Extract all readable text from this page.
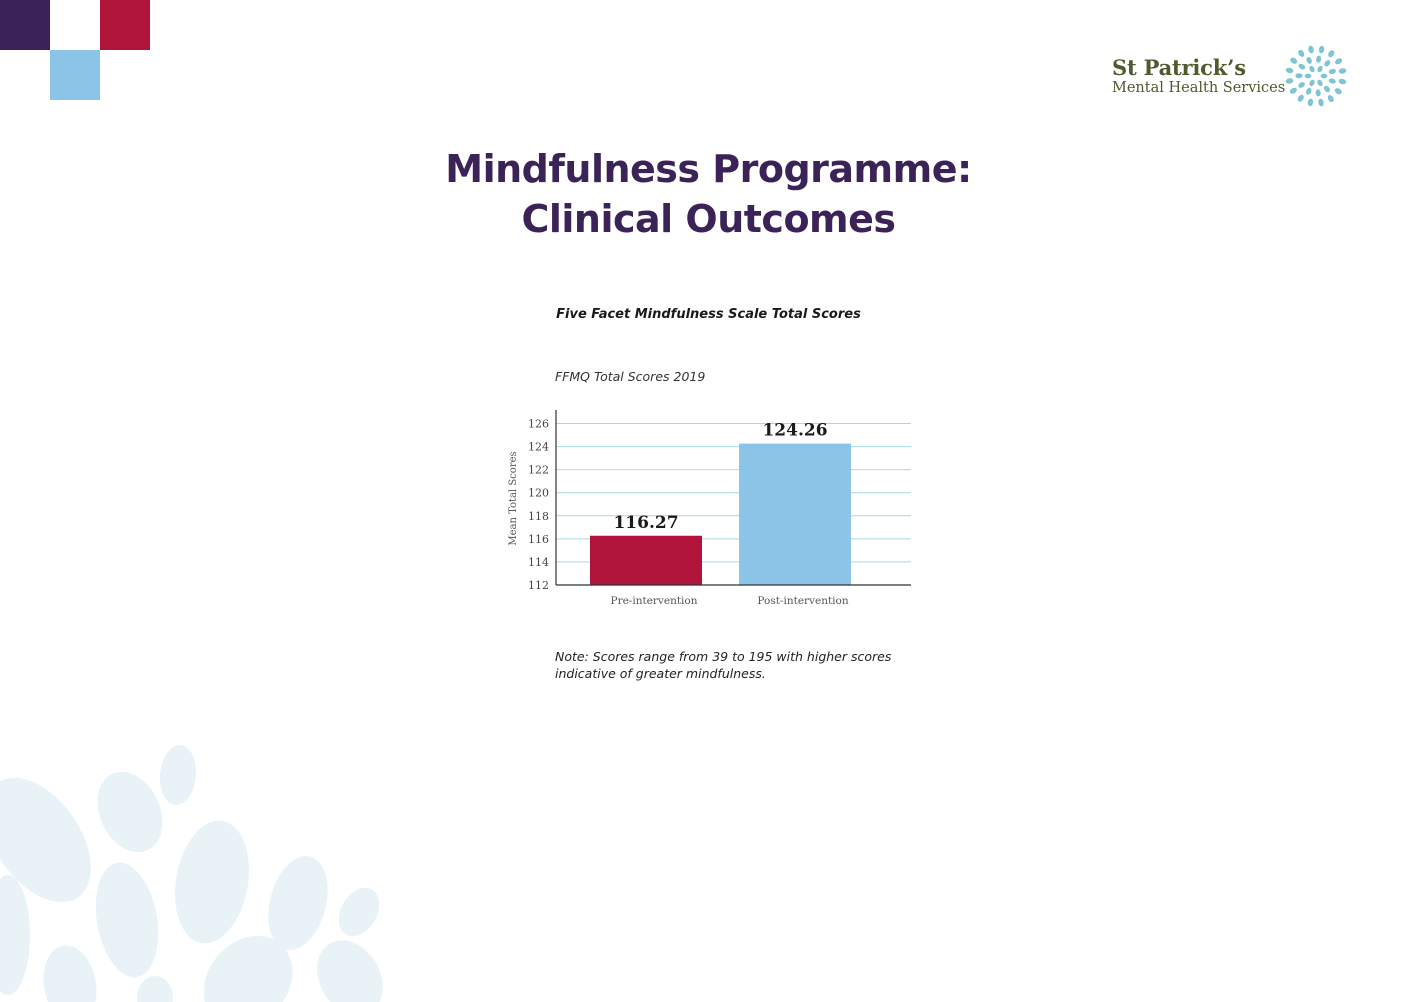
St Patrick’s
Mental Health Services
Mindfulness Programme:
Clinical Outcomes
Five Facet Mindfulness Scale Total Scores
FFMQ Total Scores 2019
112
114
116
118
120
122
124
126
116.27
Pre-intervention
124.26
Post-intervention
Mean Total Scores
Note: Scores range from 39 to 195 with higher scores indicative of greater mindfulness.
